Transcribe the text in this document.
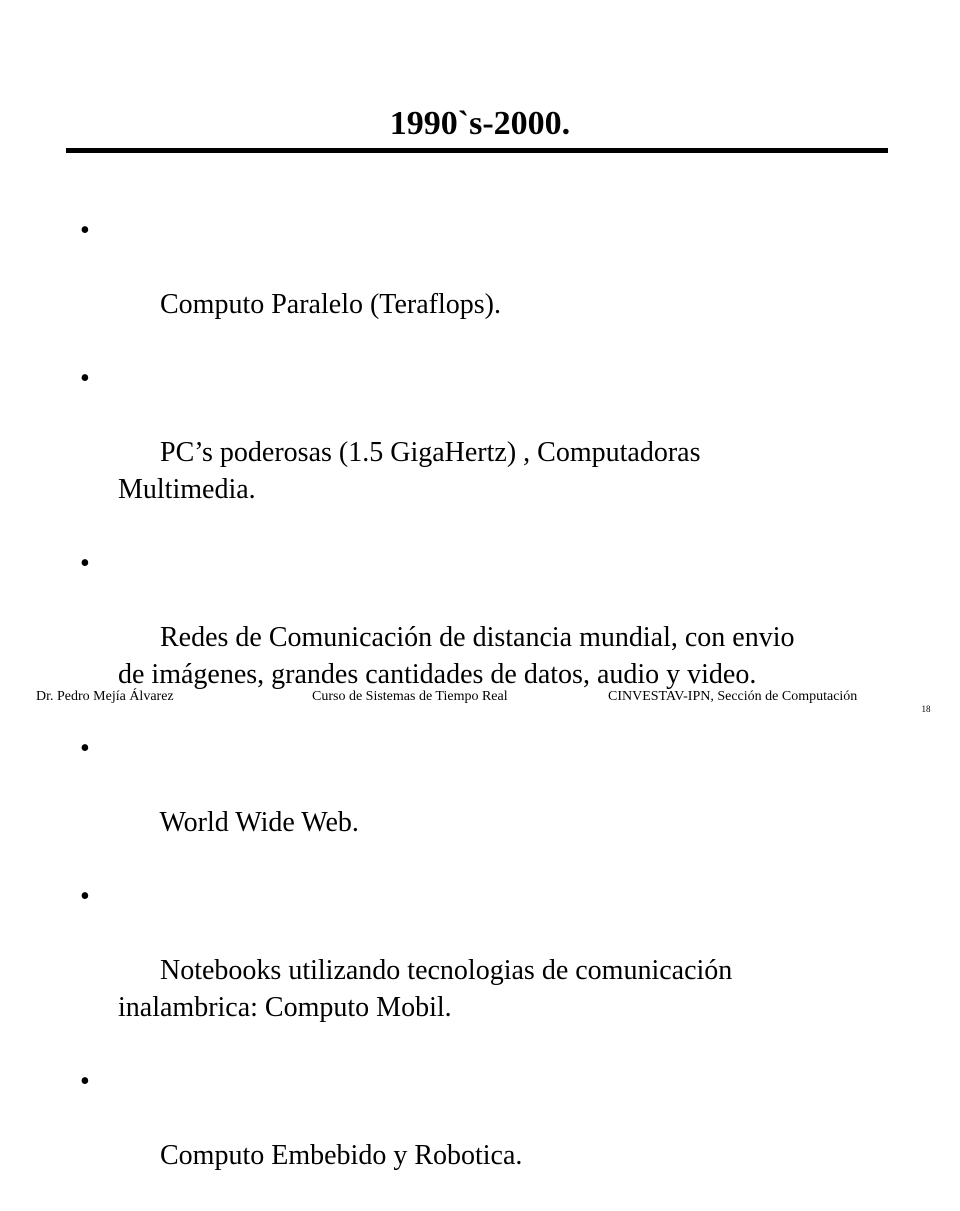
1990`s-2000.

•

Computo Paralelo (Teraflops).

•

PC’s poderosas (1.5 GigaHertz) , Computadoras
Multimedia.

•

Redes de Comunicación de distancia mundial, con envio
de imágenes, grandes cantidades de datos, audio y video.

•

World Wide Web.

•

Notebooks utilizando tecnologias de comunicación
inalambrica: Computo Mobil.

•

Computo Embebido y Robotica.

Dr. Pedro Mejía Álvarez	Curso de Sistemas de Tiempo Real	CINVESTAV-IPN, Sección de Computación
18
